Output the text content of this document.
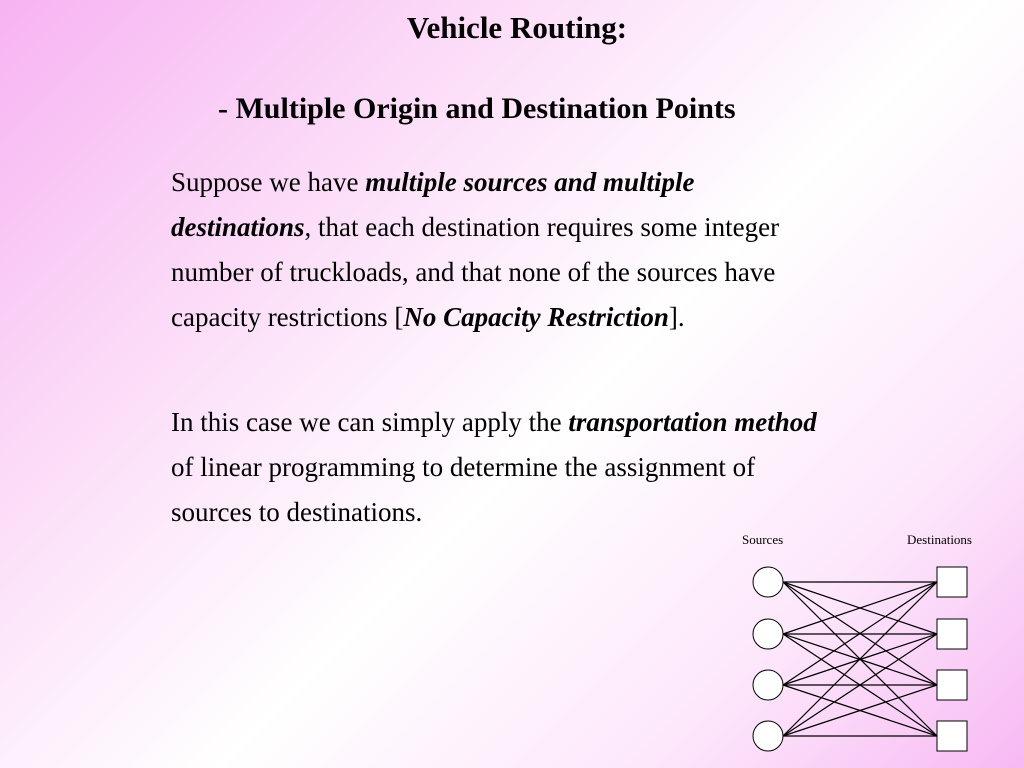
Vehicle Routing:
- Multiple Origin and Destination Points

Suppose we have multiple sources and multiple
destinations, that each destination requires some integer
number of truckloads, and that none of the sources have
capacity restrictions [No Capacity Restriction].

In this case we can simply apply the transportation method
of linear programming to determine the assignment of
sources to destinations.

Sources	Destinations
